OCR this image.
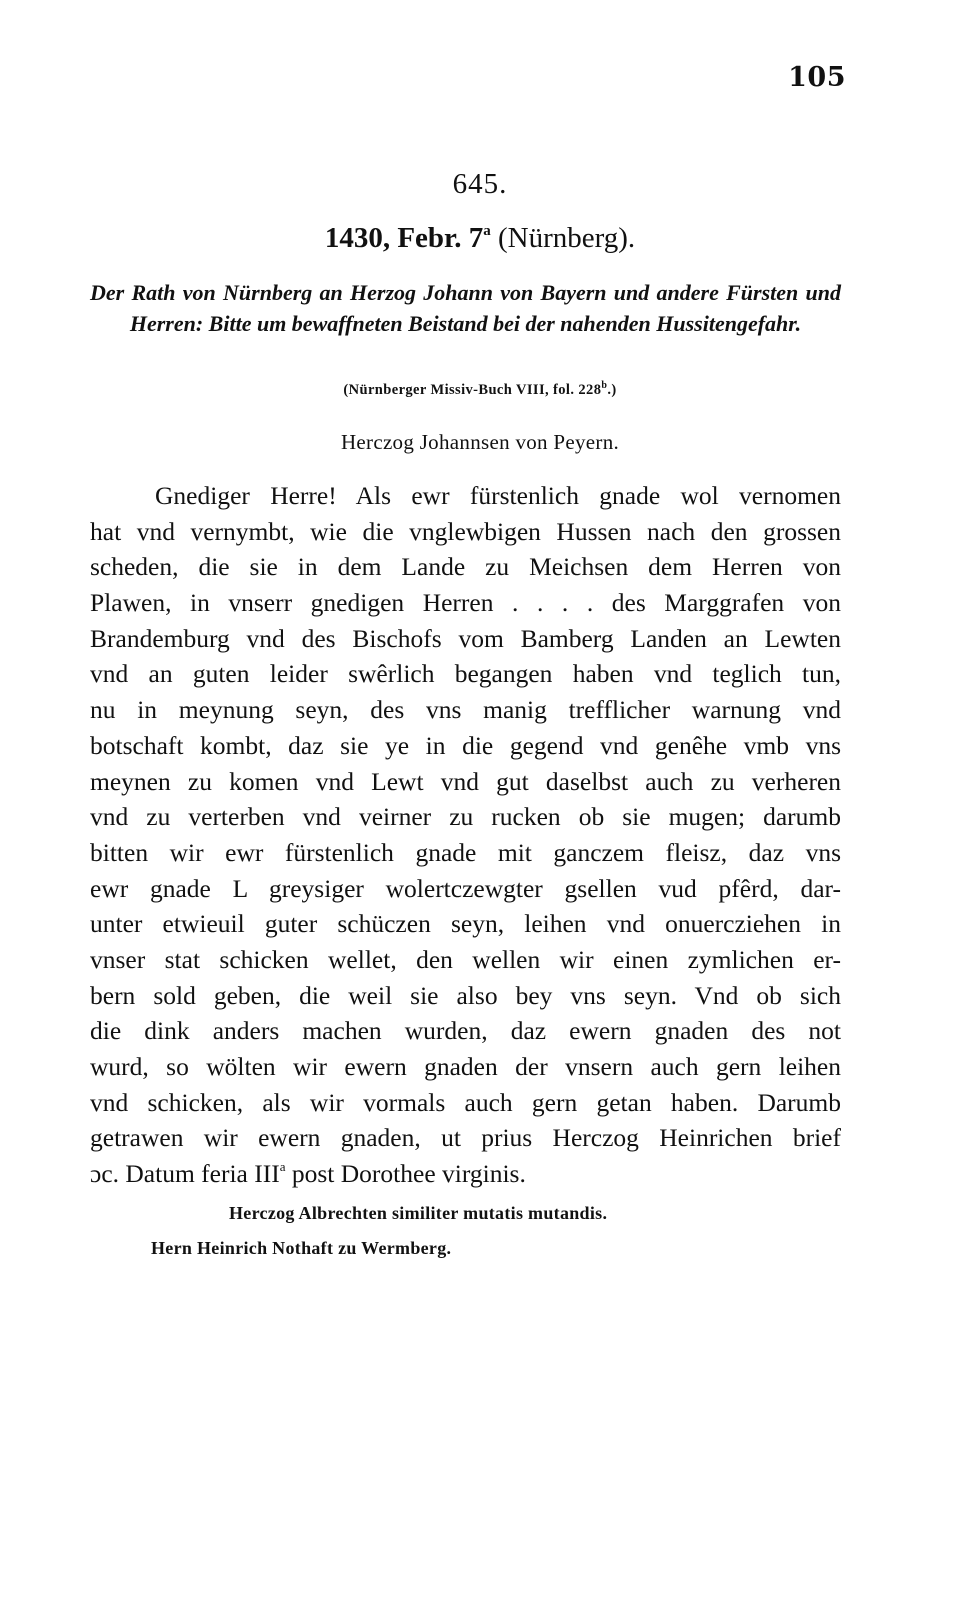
105
645.
1430, Febr. 7$^a$ (Nürnberg).
Der Rath von Nürnberg an Herzog Johann von Bayern und andere Fürsten und Herren: Bitte um bewaffneten Beistand bei der nahenden Hussitengefahr.
(Nürnberger Missiv-Buch VIII, fol. 228$^b$.)
Herczog Johannsen von Peyern.
Gnediger Herre! Als ewr fürstenlich gnade wol vernomen
hat vnd vernymbt, wie die vnglewbigen Hussen nach den grossen
scheden, die sie in dem Lande zu Meichsen dem Herren von
Plawen, in vnserr gnedigen Herren . . . . des Marggrafen von
Brandemburg vnd des Bischofs vom Bamberg Landen an Lewten
vnd an guten leider swêrlich begangen haben vnd teglich tun,
nu in meynung seyn, des vns manig trefflicher warnung vnd
botschaft kombt, daz sie ye in die gegend vnd genêhe vmb vns
meynen zu komen vnd Lewt vnd gut daselbst auch zu verheren
vnd zu verterben vnd veirner zu rucken ob sie mugen; darumb
bitten wir ewr fürstenlich gnade mit ganczem fleisz, daz vns
ewr gnade L greysiger wolertczewgter gsellen vud pfêrd, dar-
unter etwieuil guter schüczen seyn, leihen vnd onuercziehen in
vnser stat schicken wellet, den wellen wir einen zymlichen er-
bern sold geben, die weil sie also bey vns seyn. Vnd ob sich
die dink anders machen wurden, daz ewern gnaden des not
wurd, so wölten wir ewern gnaden der vnsern auch gern leihen
vnd schicken, als wir vormals auch gern getan haben. Darumb
getrawen wir ewern gnaden, ut prius Herczog Heinrichen brief
ɔc. Datum feria III$^a$ post Dorothee virginis.
Herczog Albrechten similiter mutatis mutandis.
Hern Heinrich Nothaft zu Wermberg.
